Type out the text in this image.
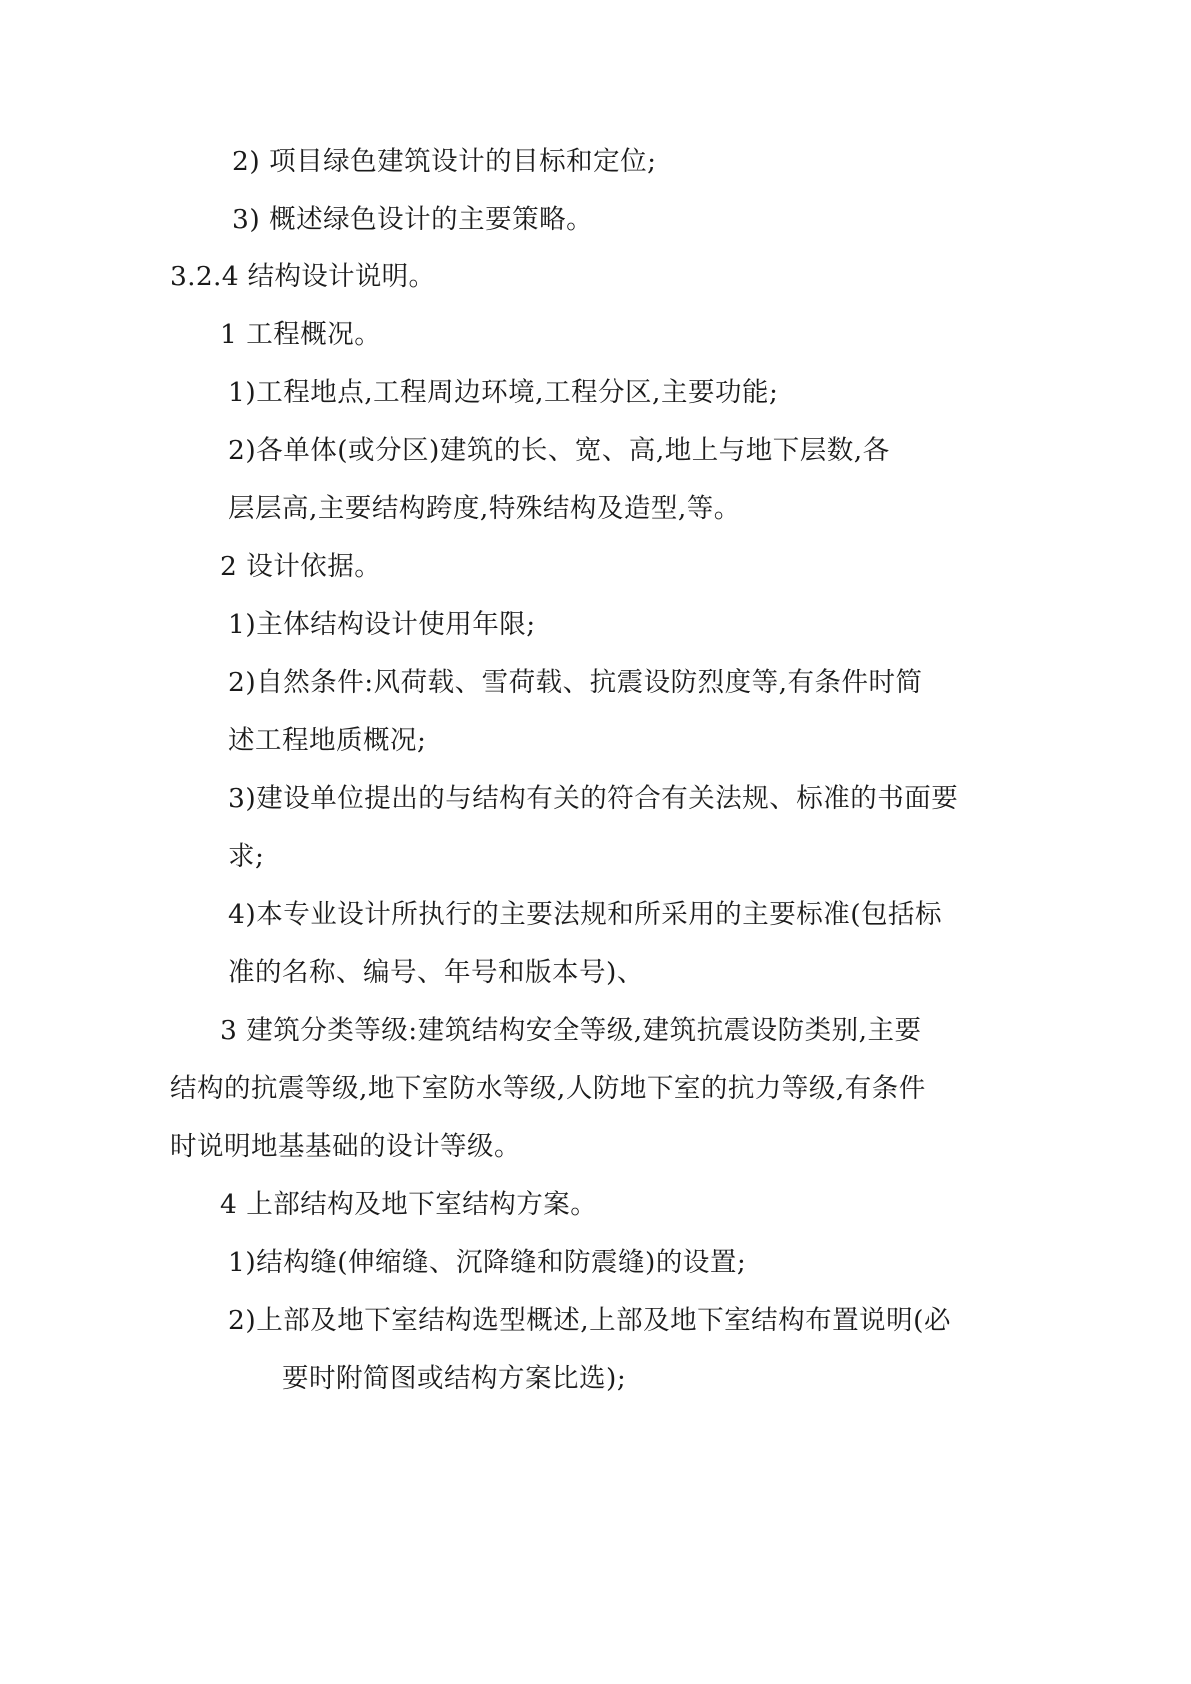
2) 项目绿色建筑设计的目标和定位;

3) 概述绿色设计的主要策略。

3.2.4 结构设计说明。

1 工程概况。

1)工程地点,工程周边环境,工程分区,主要功能;

2)各单体(或分区)建筑的长、宽、高,地上与地下层数,各

层层高,主要结构跨度,特殊结构及造型,等。

2 设计依据。

1)主体结构设计使用年限;

2)自然条件:风荷载、雪荷载、抗震设防烈度等,有条件时简

述工程地质概况;

3)建设单位提出的与结构有关的符合有关法规、标准的书面要

求;

4)本专业设计所执行的主要法规和所采用的主要标准(包括标

准的名称、编号、年号和版本号)、

3 建筑分类等级:建筑结构安全等级,建筑抗震设防类别,主要

结构的抗震等级,地下室防水等级,人防地下室的抗力等级,有条件

时说明地基基础的设计等级。

4 上部结构及地下室结构方案。

1)结构缝(伸缩缝、沉降缝和防震缝)的设置;

2)上部及地下室结构选型概述,上部及地下室结构布置说明(必

要时附简图或结构方案比选);
